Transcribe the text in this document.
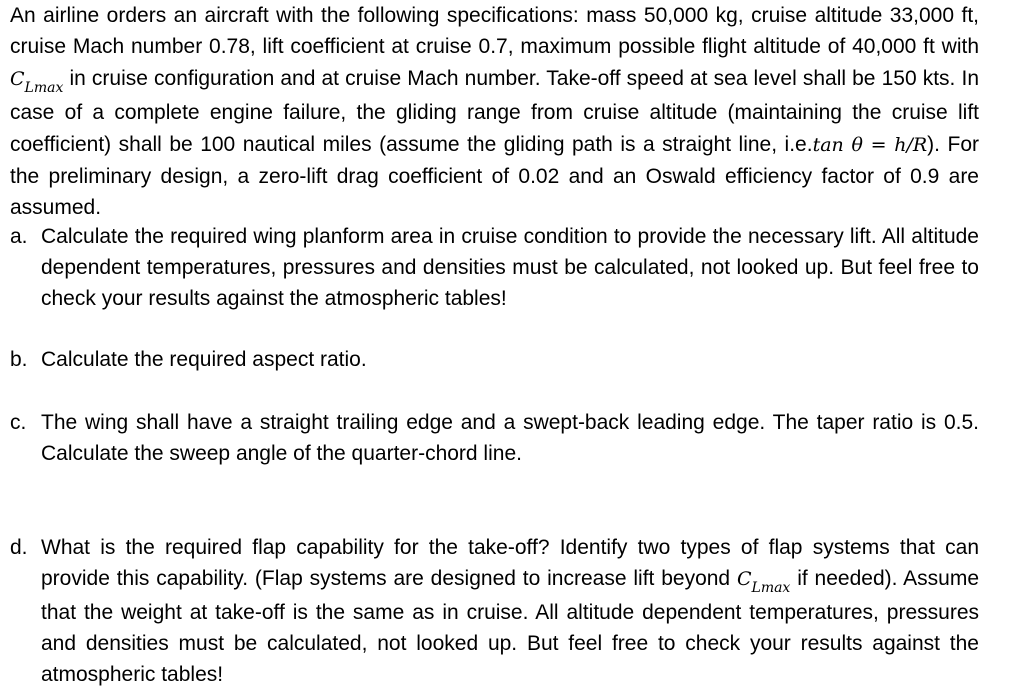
An airline orders an aircraft with the following specifications: mass 50,000 kg, cruise altitude 33,000 ft, cruise Mach number 0.78, lift coefficient at cruise 0.7, maximum possible flight altitude of 40,000 ft with $C_{Lmax}$ in cruise configuration and at cruise Mach number. Take-off speed at sea level shall be 150 kts. In case of a complete engine failure, the gliding range from cruise altitude (maintaining the cruise lift coefficient) shall be 100 nautical miles (assume the gliding path is a straight line, i.e.tan θ = h/R). For the preliminary design, a zero-lift drag coefficient of 0.02 and an Oswald efficiency factor of 0.9 are assumed.

a. Calculate the required wing planform area in cruise condition to provide the necessary lift. All altitude dependent temperatures, pressures and densities must be calculated, not looked up. But feel free to check your results against the atmospheric tables!
b. Calculate the required aspect ratio.
c. The wing shall have a straight trailing edge and a swept-back leading edge. The taper ratio is 0.5. Calculate the sweep angle of the quarter-chord line.
d. What is the required flap capability for the take-off? Identify two types of flap systems that can provide this capability. (Flap systems are designed to increase lift beyond $C_{Lmax}$ if needed). Assume that the weight at take-off is the same as in cruise. All altitude dependent temperatures, pressures and densities must be calculated, not looked up. But feel free to check your results against the atmospheric tables!
